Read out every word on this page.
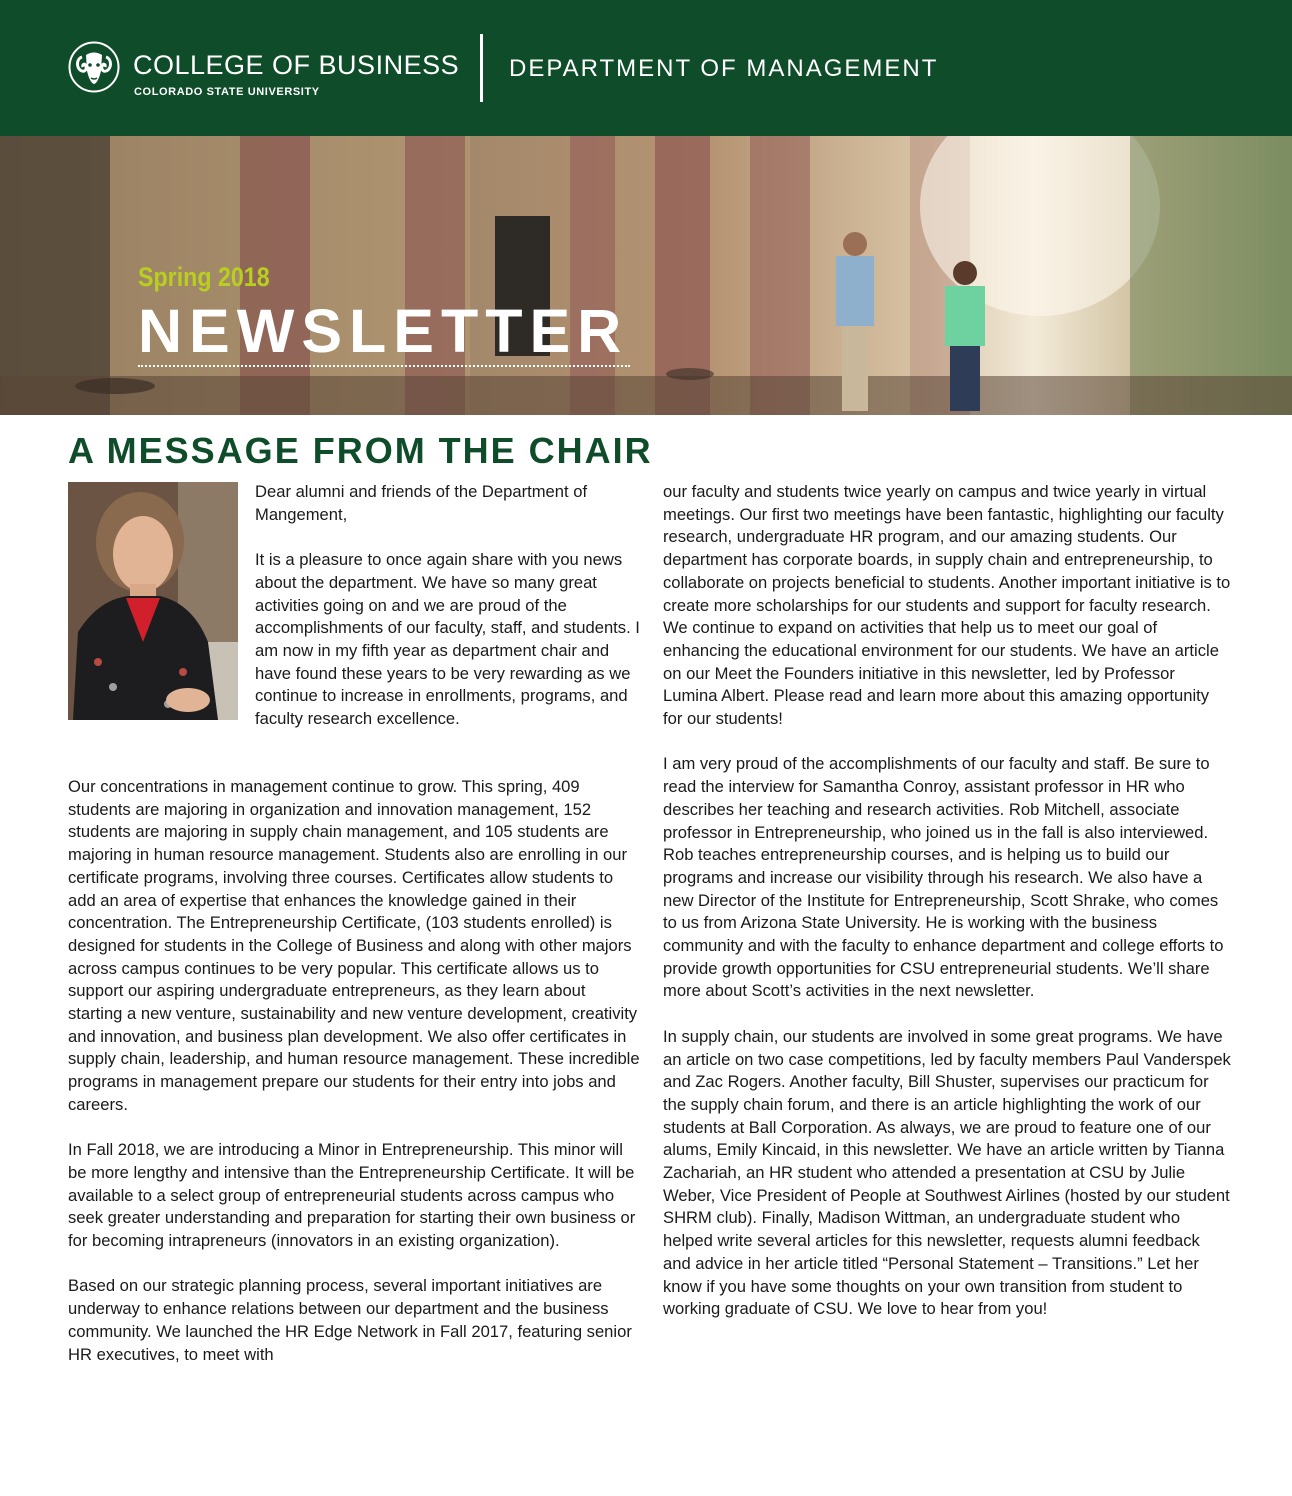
COLLEGE OF BUSINESS
COLORADO STATE UNIVERSITY
DEPARTMENT OF MANAGEMENT
Spring 2018
NEWSLETTER
A MESSAGE FROM THE CHAIR

Dear alumni and friends of the Department of Mangement,

It is a pleasure to once again share with you news about the department. We have so many great activities going on and we are proud of the accomplishments of our faculty, staff, and students. I am now in my fifth year as department chair and have found these years to be very rewarding as we continue to increase in enrollments, programs, and faculty research excellence.

Our concentrations in management continue to grow. This spring, 409 students are majoring in organization and innovation management, 152 students are majoring in supply chain management, and 105 students are majoring in human resource management. Students also are enrolling in our certificate programs, involving three courses. Certificates allow students to add an area of expertise that enhances the knowledge gained in their concentration. The Entrepreneurship Certificate, (103 students enrolled) is designed for students in the College of Business and along with other majors across campus continues to be very popular. This certificate allows us to support our aspiring undergraduate entrepreneurs, as they learn about starting a new venture, sustainability and new venture development, creativity and innovation, and business plan development. We also offer certificates in supply chain, leadership, and human resource management. These incredible programs in management prepare our students for their entry into jobs and careers.

In Fall 2018, we are introducing a Minor in Entrepreneurship. This minor will be more lengthy and intensive than the Entrepreneurship Certificate. It will be available to a select group of entrepreneurial students across campus who seek greater understanding and preparation for starting their own business or for becoming intrapreneurs (innovators in an existing organization).

Based on our strategic planning process, several important initiatives are underway to enhance relations between our department and the business community. We launched the HR Edge Network in Fall 2017, featuring senior HR executives, to meet with

our faculty and students twice yearly on campus and twice yearly in virtual meetings. Our first two meetings have been fantastic, highlighting our faculty research, undergraduate HR program, and our amazing students. Our department has corporate boards, in supply chain and entrepreneurship, to collaborate on projects beneficial to students. Another important initiative is to create more scholarships for our students and support for faculty research. We continue to expand on activities that help us to meet our goal of enhancing the educational environment for our students. We have an article on our Meet the Founders initiative in this newsletter, led by Professor Lumina Albert. Please read and learn more about this amazing opportunity for our students!

I am very proud of the accomplishments of our faculty and staff. Be sure to read the interview for Samantha Conroy, assistant professor in HR who describes her teaching and research activities. Rob Mitchell, associate professor in Entrepreneurship, who joined us in the fall is also interviewed. Rob teaches entrepreneurship courses, and is helping us to build our programs and increase our visibility through his research. We also have a new Director of the Institute for Entrepreneurship, Scott Shrake, who comes to us from Arizona State University. He is working with the business community and with the faculty to enhance department and college efforts to provide growth opportunities for CSU entrepreneurial students. We’ll share more about Scott’s activities in the next newsletter.

In supply chain, our students are involved in some great programs. We have an article on two case competitions, led by faculty members Paul Vanderspek and Zac Rogers. Another faculty, Bill Shuster, supervises our practicum for the supply chain forum, and there is an article highlighting the work of our students at Ball Corporation. As always, we are proud to feature one of our alums, Emily Kincaid, in this newsletter. We have an article written by Tianna Zachariah, an HR student who attended a presentation at CSU by Julie Weber, Vice President of People at Southwest Airlines (hosted by our student SHRM club). Finally, Madison Wittman, an undergraduate student who helped write several articles for this newsletter, requests alumni feedback and advice in her article titled “Personal Statement – Transitions.” Let her know if you have some thoughts on your own transition from student to working graduate of CSU. We love to hear from you!
